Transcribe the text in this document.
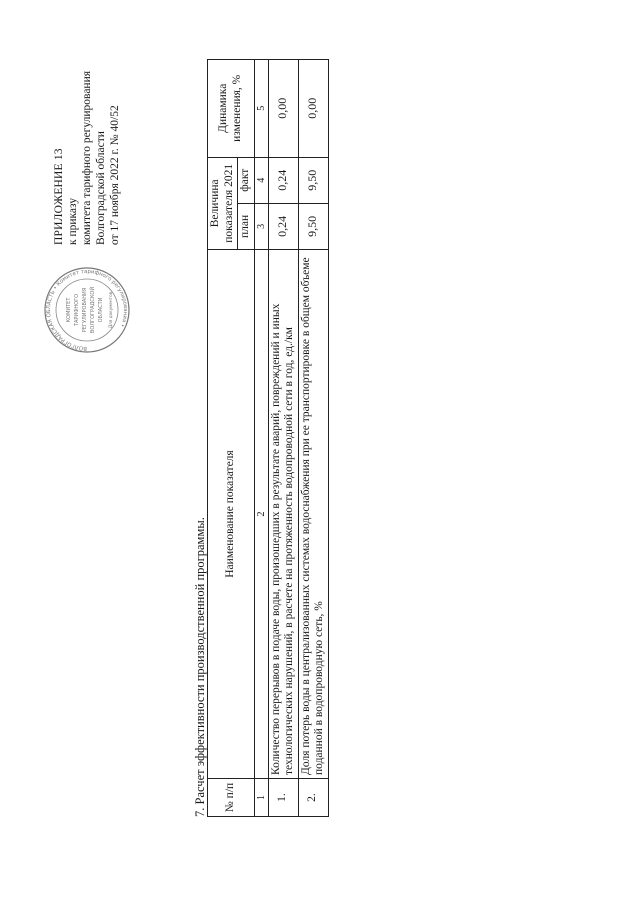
ПРИЛОЖЕНИЕ 13 к приказу комитета тарифного регулирования Волгоградской области от 17 ноября 2022 г. № 40/52
ВОЛГОГРАДСКАЯ ОБЛАСТЬ • Комитет тарифного регулирования •
КОМИТЕТ ТАРИФНОГО РЕГУЛИРОВАНИЯ ВОЛГОГРАДСКОЙ ОБЛАСТИ Для документов
7. Расчет эффективности производственной программы. № п/п	Наименование показателя	Величина показателя 2021		Динамика изменения, %
		план	факт	
1	2	3	4	5
1.	Количество перерывов в подаче воды, произошедших в результате аварий, повреждений и иных технологических нарушений, в расчете на протяженность водопроводной сети в год, ед./км	0,24	0,24	0,00
2.	Доля потерь воды в централизованных системах водоснабжения при ее транспортировке в общем объеме поданной в водопроводную сеть, %	9,50	9,50	0,00
